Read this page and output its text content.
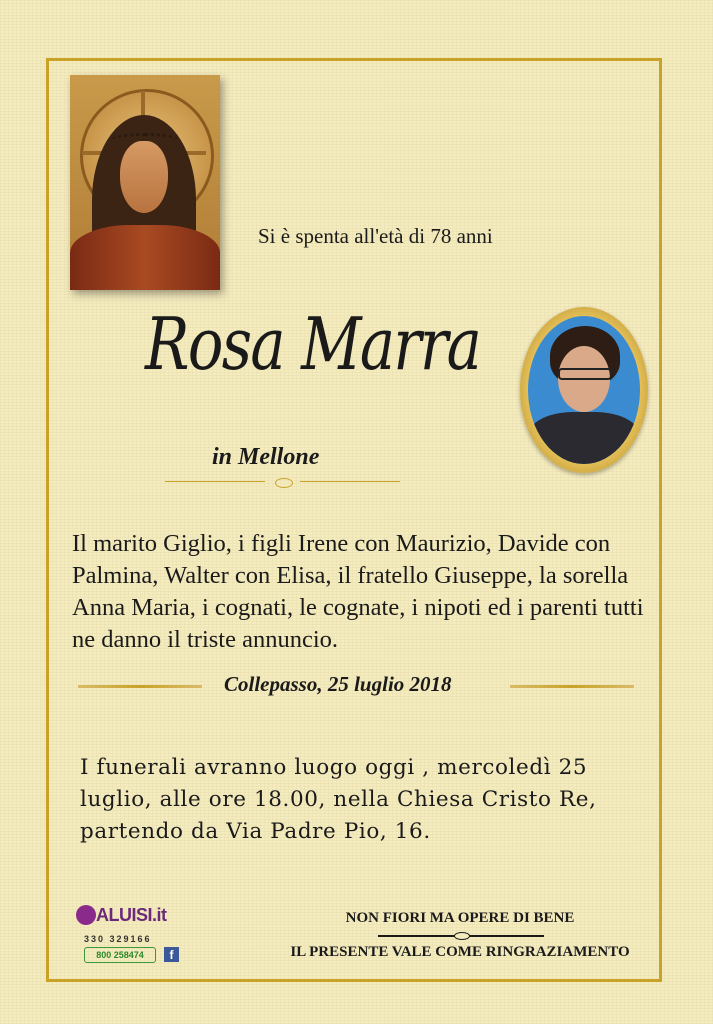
Si è spenta all'età di 78 anni
Rosa Marra
in Mellone
Il marito Giglio, i figli Irene con Maurizio, Davide con Palmina, Walter con Elisa, il fratello Giuseppe, la sorella Anna Maria, i cognati, le cognate, i nipoti ed i parenti tutti ne danno il triste annuncio.
Collepasso, 25 luglio 2018
I funerali avranno luogo oggi , mercoledì 25 luglio, alle ore 18.00, nella Chiesa Cristo Re, partendo da Via Padre Pio, 16.
ALUISI.it
330 329166
800 258474	f
NON FIORI MA OPERE DI BENE
IL PRESENTE VALE COME RINGRAZIAMENTO
